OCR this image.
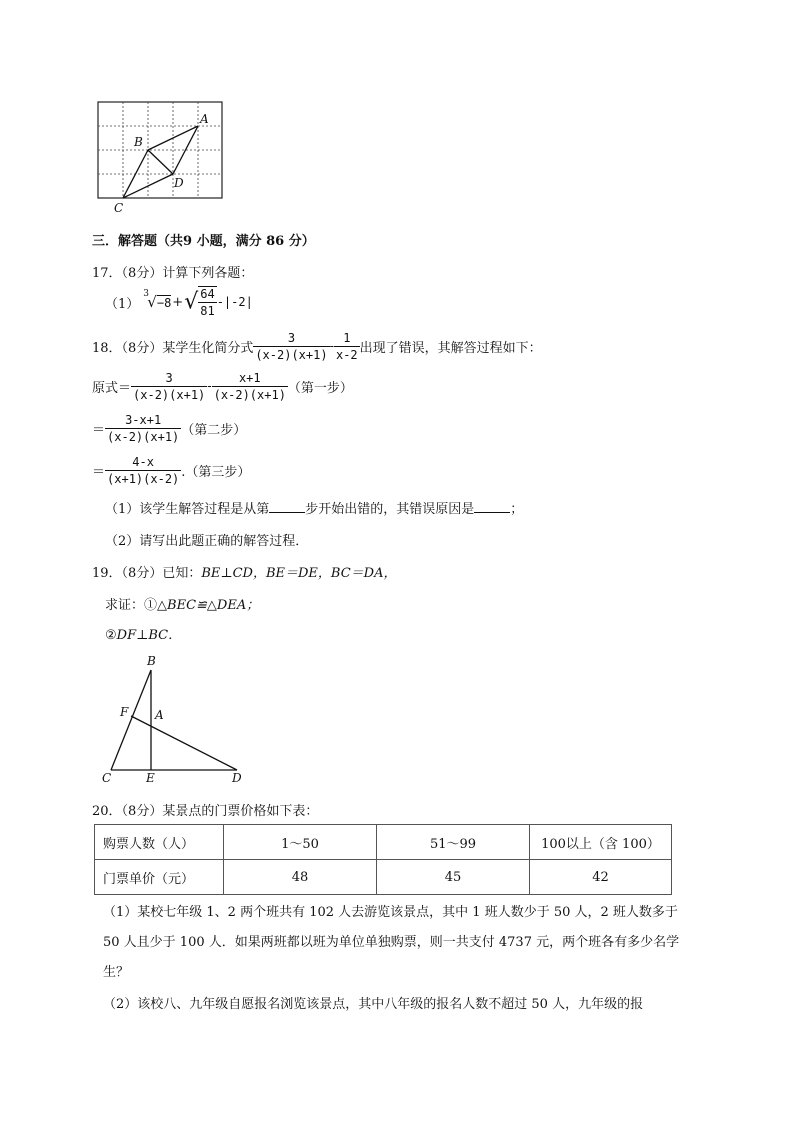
A
B
D
C
三．解答题（共9 小题，满分 86 分）
17．（8分）计算下列各题：
（1）
3
√−8 + √ $\frac{64}{81} -|-2|$
18．（8分）某学生化简分式 $\frac{3}{(x-2)(x+1)} - \frac{1}{x-2}$ 出现了错误，其解答过程如下：
原式＝ $\frac{3}{(x-2)(x+1)} - \frac{x+1}{(x-2)(x+1)}$ （第一步）
＝ $\frac{3-x+1}{(x-2)(x+1)}$ （第二步）
＝ $\frac{4-x}{(x+1)(x-2)}$ .（第三步）
（1）该学生解答过程是从第	步开始出错的，其错误原因是	；
（2）请写出此题正确的解答过程．
19．（8分）已知：BE⊥CD，BE＝DE，BC＝DA，
求证：①△BEC≌△DEA；
②DF⊥BC．
B
F A
C	E	D
20．（8分）某景点的门票价格如下表：
购票人数（人）	1～50	51～99	100以上（含 100）
门票单价（元）	48	45	42
（1）某校七年级 1、2 两个班共有 102 人去游览该景点，其中 1 班人数少于 50 人，2 班人数多于 50 人且少于 100 人．如果两班都以班为单位单独购票，则一共支付 4737 元，两个班各有多少名学生？
（2）该校八、九年级自愿报名浏览该景点，其中八年级的报名人数不超过 50 人，九年级的报
